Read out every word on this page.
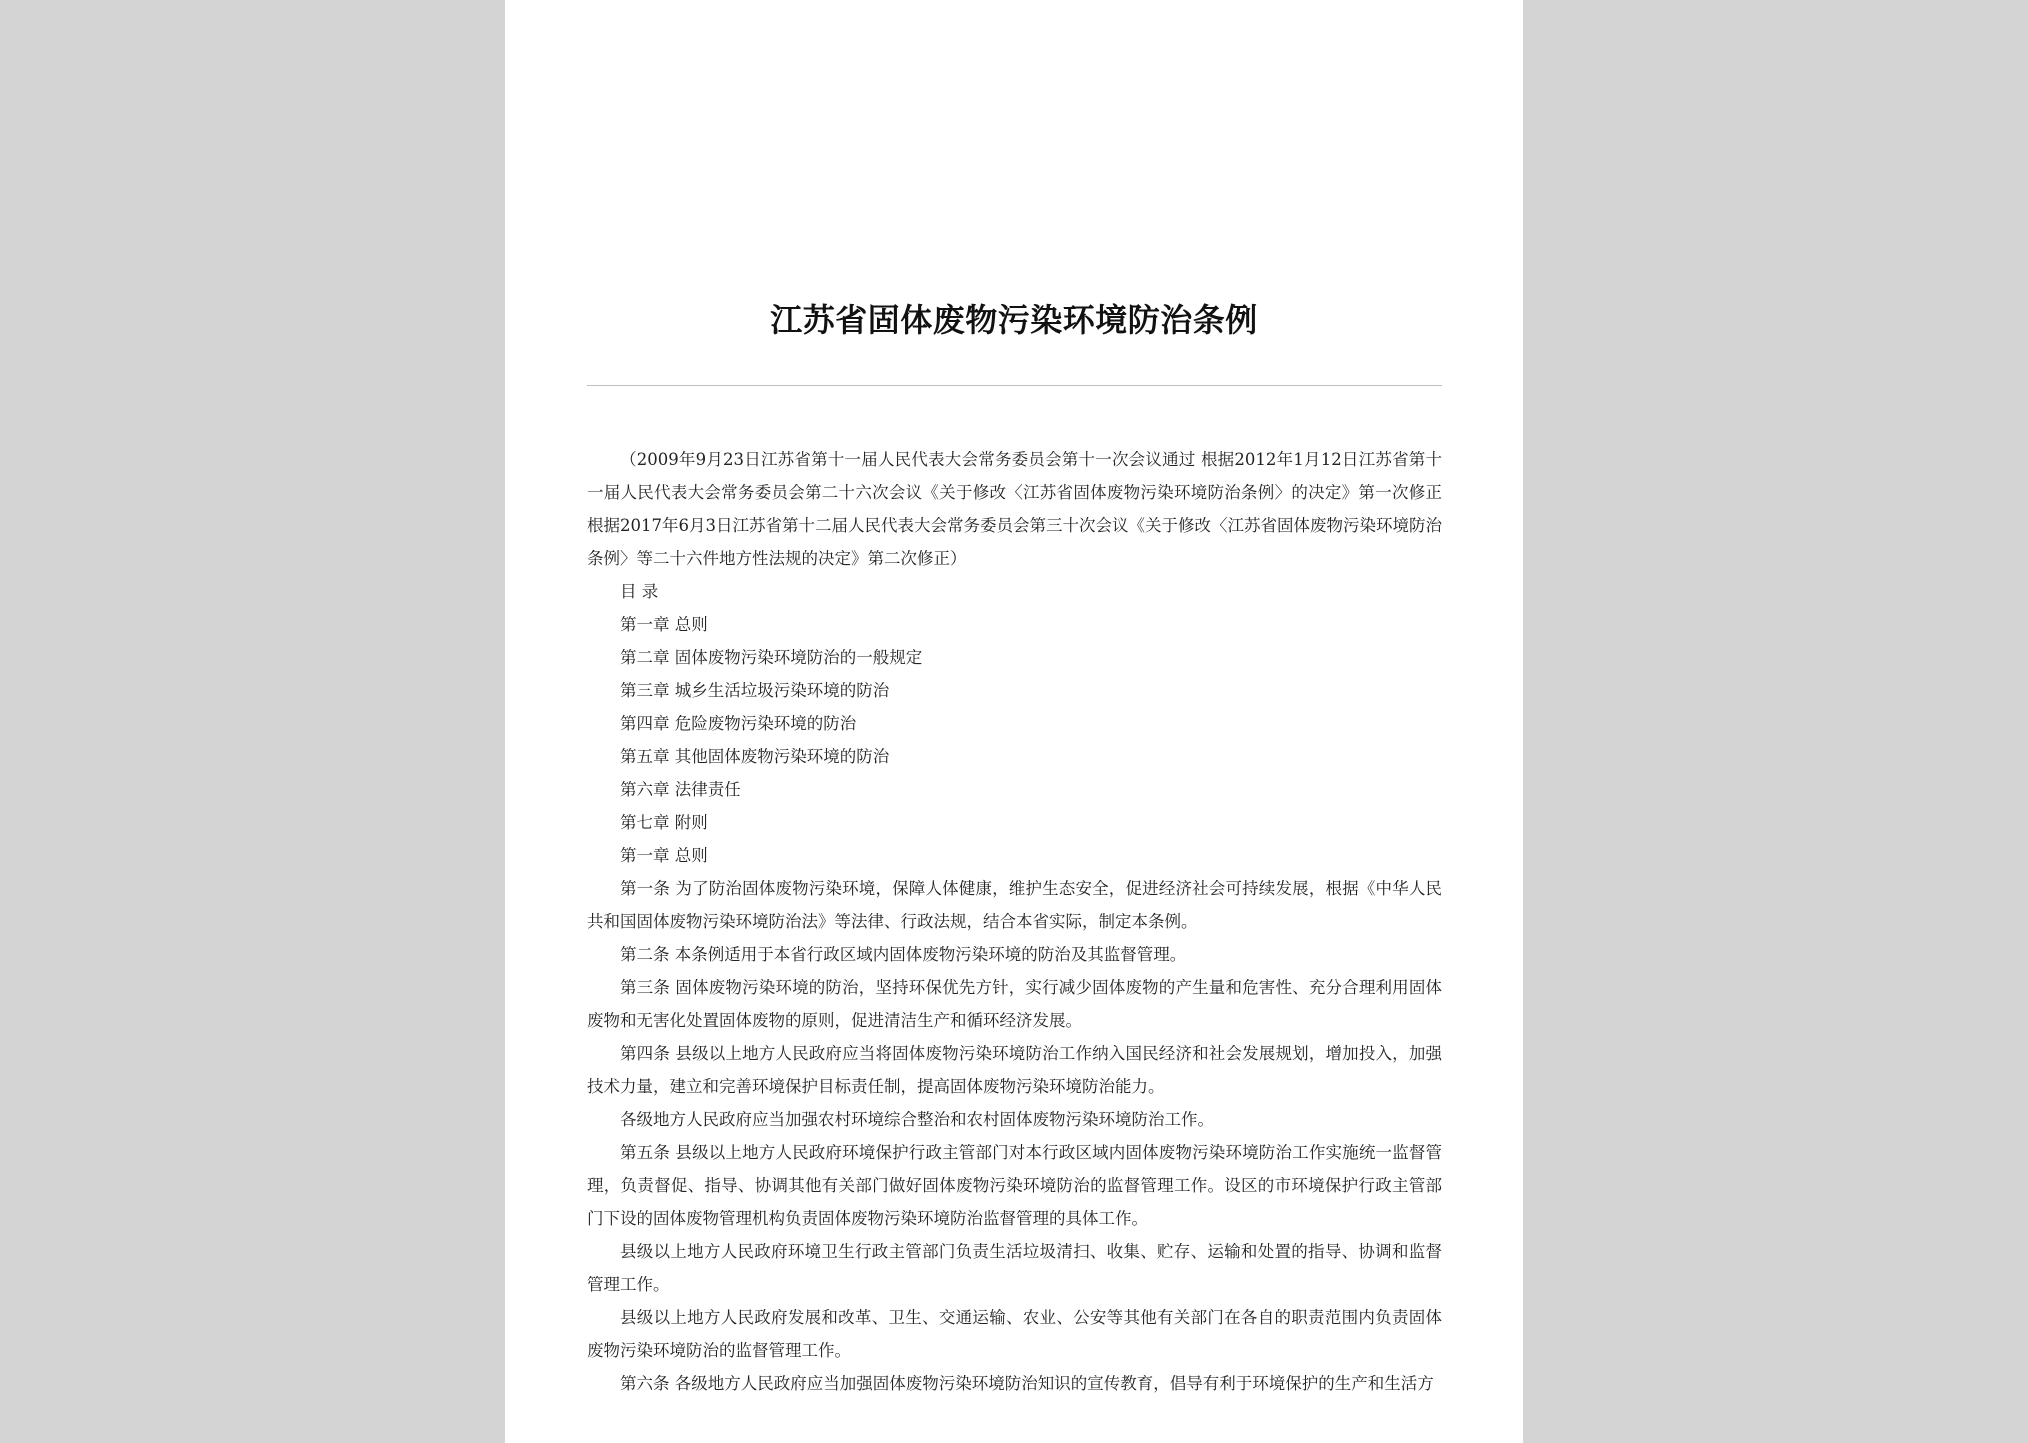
江苏省固体废物污染环境防治条例

（2009年9月23日江苏省第十一届人民代表大会常务委员会第十一次会议通过 根据2012年1月12日江苏省第十一届人民代表大会常务委员会第二十六次会议《关于修改〈江苏省固体废物污染环境防治条例〉的决定》第一次修正 根据2017年6月3日江苏省第十二届人民代表大会常务委员会第三十次会议《关于修改〈江苏省固体废物污染环境防治条例〉等二十六件地方性法规的决定》第二次修正）

目 录

第一章 总则

第二章 固体废物污染环境防治的一般规定

第三章 城乡生活垃圾污染环境的防治

第四章 危险废物污染环境的防治

第五章 其他固体废物污染环境的防治

第六章 法律责任

第七章 附则

第一章 总则

第一条 为了防治固体废物污染环境，保障人体健康，维护生态安全，促进经济社会可持续发展，根据《中华人民共和国固体废物污染环境防治法》等法律、行政法规，结合本省实际，制定本条例。

第二条 本条例适用于本省行政区域内固体废物污染环境的防治及其监督管理。

第三条 固体废物污染环境的防治，坚持环保优先方针，实行减少固体废物的产生量和危害性、充分合理利用固体废物和无害化处置固体废物的原则，促进清洁生产和循环经济发展。

第四条 县级以上地方人民政府应当将固体废物污染环境防治工作纳入国民经济和社会发展规划，增加投入，加强技术力量，建立和完善环境保护目标责任制，提高固体废物污染环境防治能力。

各级地方人民政府应当加强农村环境综合整治和农村固体废物污染环境防治工作。

第五条 县级以上地方人民政府环境保护行政主管部门对本行政区域内固体废物污染环境防治工作实施统一监督管理，负责督促、指导、协调其他有关部门做好固体废物污染环境防治的监督管理工作。设区的市环境保护行政主管部门下设的固体废物管理机构负责固体废物污染环境防治监督管理的具体工作。

县级以上地方人民政府环境卫生行政主管部门负责生活垃圾清扫、收集、贮存、运输和处置的指导、协调和监督管理工作。

县级以上地方人民政府发展和改革、卫生、交通运输、农业、公安等其他有关部门在各自的职责范围内负责固体废物污染环境防治的监督管理工作。

第六条 各级地方人民政府应当加强固体废物污染环境防治知识的宣传教育，倡导有利于环境保护的生产和生活方
